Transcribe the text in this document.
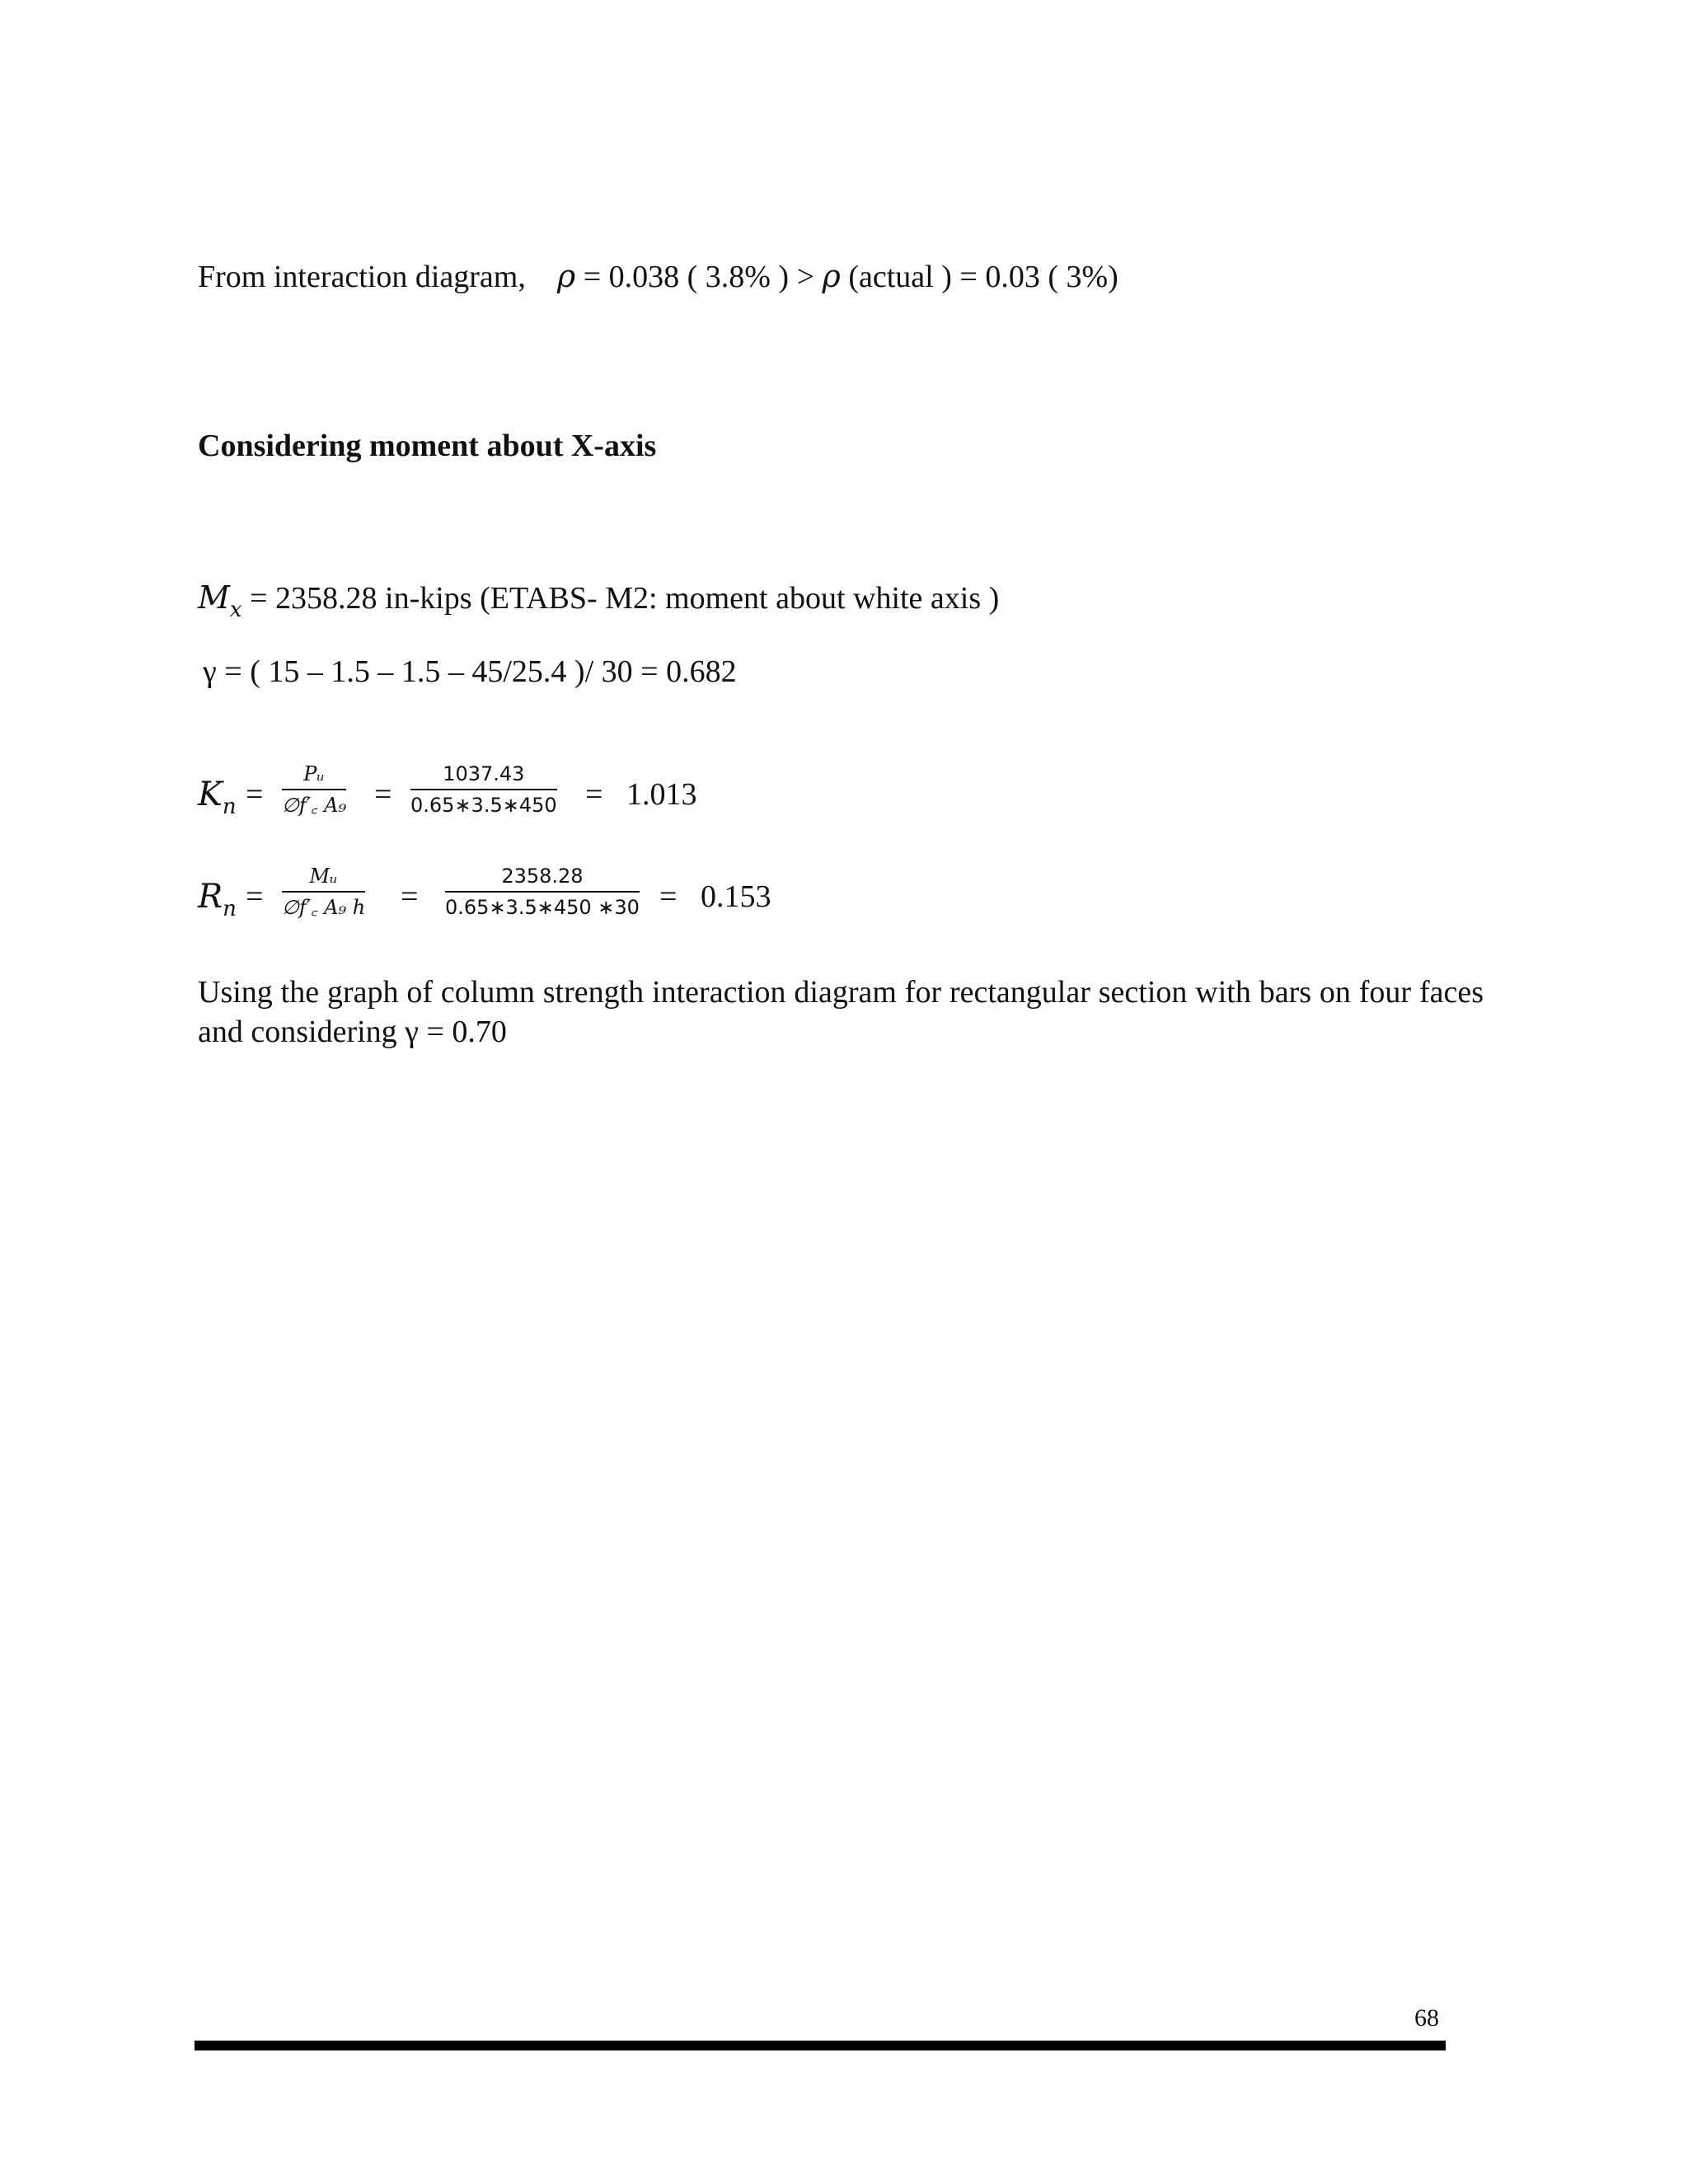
From interaction diagram, ρ = 0.038 ( 3.8% ) > ρ (actual ) = 0.03 ( 3%)
Considering moment about X-axis
$M_x = 2358.28$ in-kips (ETABS- M2: moment about white axis )
γ = ( 15 – 1.5 – 1.5 – 45/25.4 )/ 30 = 0.682
$K_n$ =
Pᵤ
∅f′꜀ A₉ =
1037.43
0.65∗3.5∗450 = 1.013
$R_n$ =
Mᵤ
∅f′꜀ A₉ h =
2358.28
0.65∗3.5∗450 ∗30 = 0.153
Using the graph of column strength interaction diagram for rectangular section with bars on four faces and considering γ = 0.70
68
